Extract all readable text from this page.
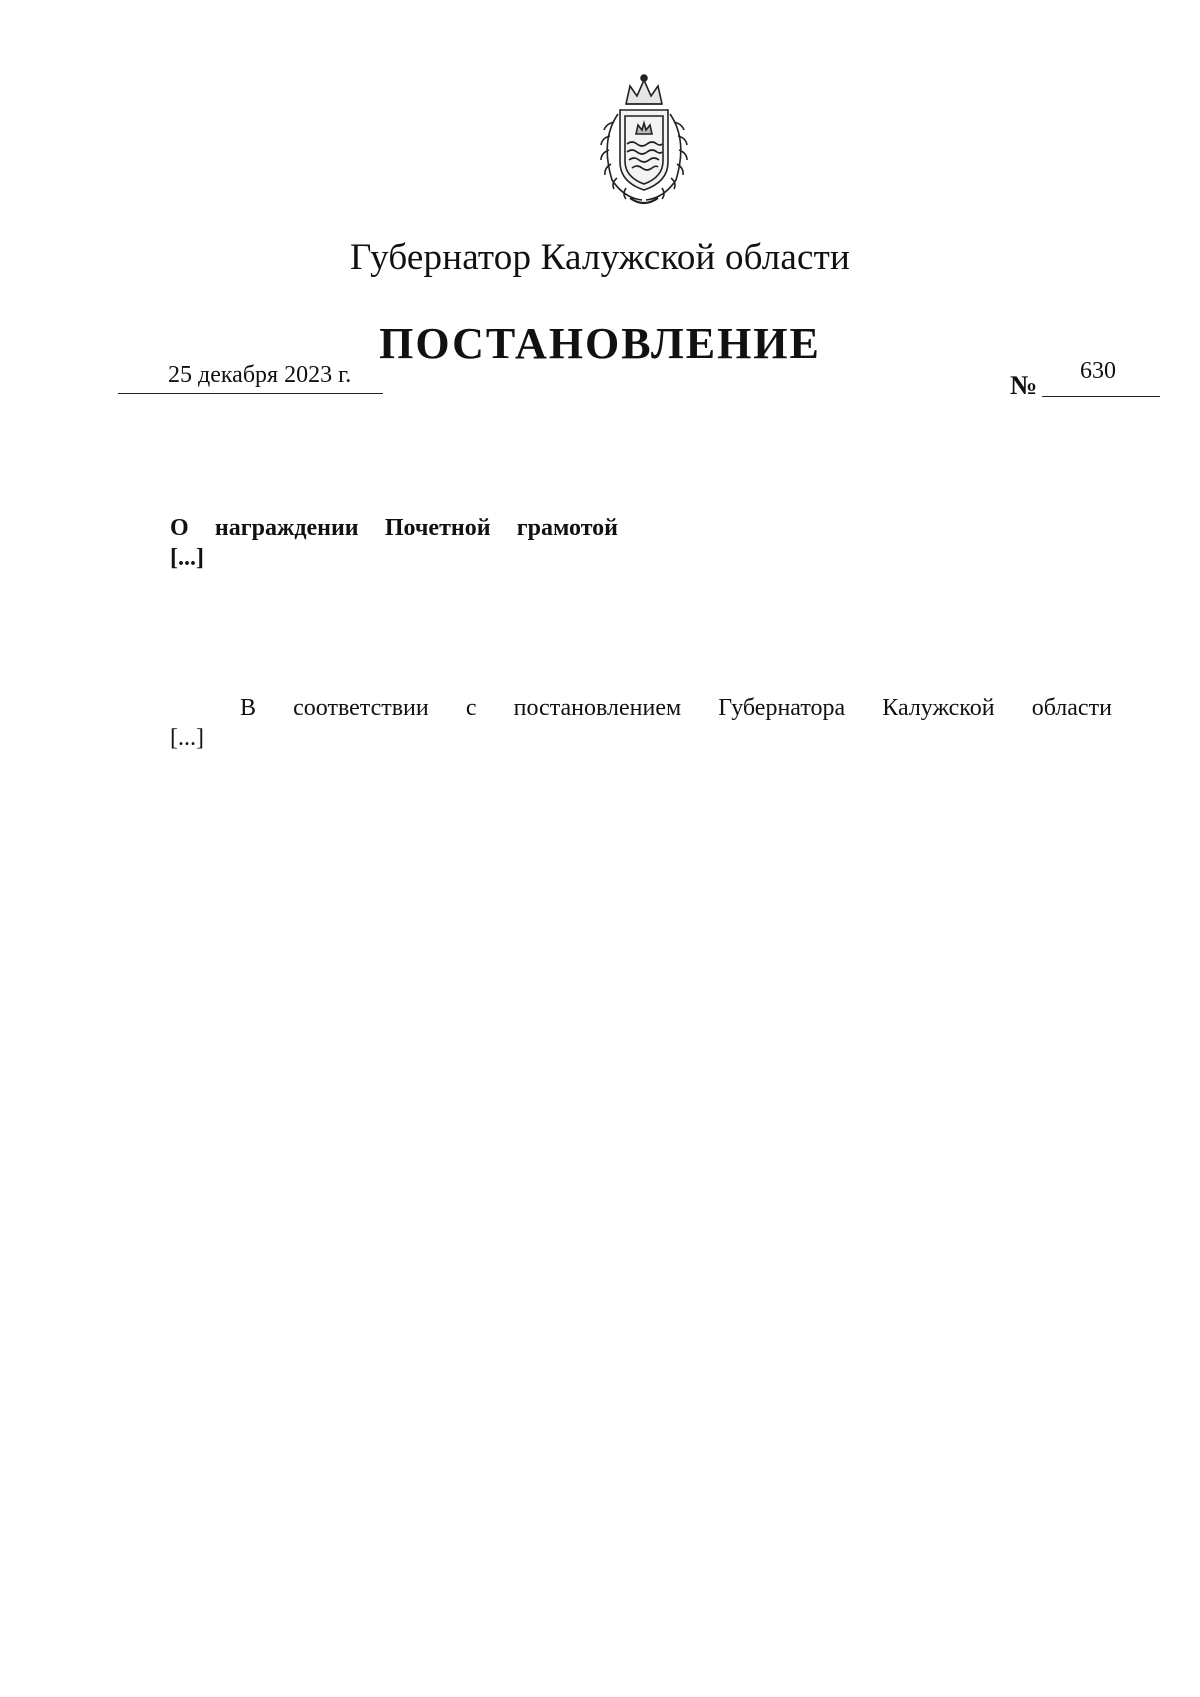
Губернатор Калужской области
ПОСТАНОВЛЕНИЕ
25 декабря 2023 г.	№ 630
О награждении Почетной грамотой
[...]
В соответствии с постановлением Губернатора Калужской области
[...]
